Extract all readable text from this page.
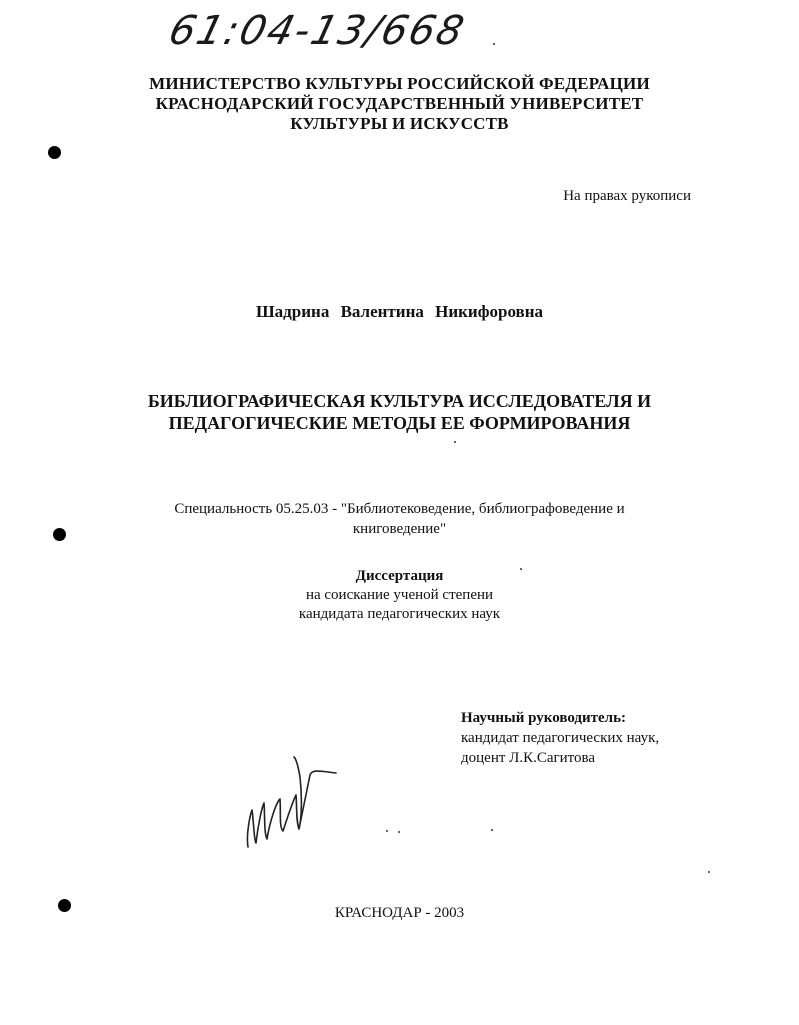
61:04-13/668
МИНИСТЕРСТВО КУЛЬТУРЫ РОССИЙСКОЙ ФЕДЕРАЦИИ
КРАСНОДАРСКИЙ ГОСУДАРСТВЕННЫЙ УНИВЕРСИТЕТ
КУЛЬТУРЫ И ИСКУССТВ
На правах рукописи
Шадрина Валентина Никифоровна
БИБЛИОГРАФИЧЕСКАЯ КУЛЬТУРА ИССЛЕДОВАТЕЛЯ И
ПЕДАГОГИЧЕСКИЕ МЕТОДЫ ЕЕ ФОРМИРОВАНИЯ
Специальность 05.25.03 - "Библиотековедение, библиографоведение и
книговедение"
Диссертация
на соискание ученой степени
кандидата педагогических наук
Научный руководитель:
кандидат педагогических наук,
доцент Л.К.Сагитова
КРАСНОДАР - 2003
